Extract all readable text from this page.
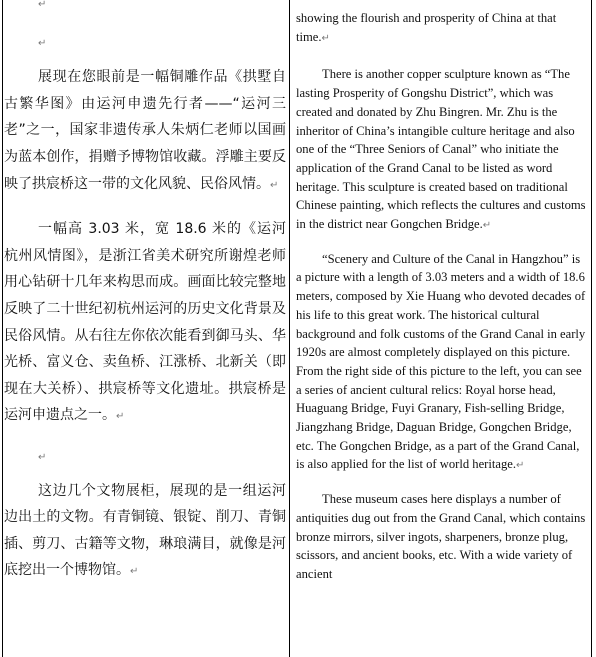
↵

↵

展现在您眼前是一幅铜雕作品《拱墅自古繁华图》由运河申遗先行者——“运河三老”之一，国家非遗传承人朱炳仁老师以国画为蓝本创作，捐赠予博物馆收藏。浮雕主要反映了拱宸桥这一带的文化风貌、民俗风情。↵

一幅高 3.03 米，宽 18.6 米的《运河杭州风情图》，是浙江省美术研究所谢煌老师用心钻研十几年来构思而成。画面比较完整地反映了二十世纪初杭州运河的历史文化背景及民俗风情。从右往左你依次能看到御马头、华光桥、富义仓、卖鱼桥、江涨桥、北新关（即现在大关桥）、拱宸桥等文化遗址。拱宸桥是运河申遗点之一。↵

↵

这边几个文物展柜，展现的是一组运河边出土的文物。有青铜镜、银锭、削刀、青铜插、剪刀、古籍等文物，琳琅满目，就像是河底挖出一个博物馆。↵

showing the flourish and prosperity of China at that time.↵

There is another copper sculpture known as “The lasting Prosperity of Gongshu District”, which was created and donated by Zhu Bingren. Mr. Zhu is the inheritor of China’s intangible culture heritage and also one of the “Three Seniors of Canal” who initiate the application of the Grand Canal to be listed as word heritage. This sculpture is created based on traditional Chinese painting, which reflects the cultures and customs in the district near Gongchen Bridge.↵

“Scenery and Culture of the Canal in Hangzhou” is a picture with a length of 3.03 meters and a width of 18.6 meters, composed by Xie Huang who devoted decades of his life to this great work. The historical cultural background and folk customs of the Grand Canal in early 1920s are almost completely displayed on this picture. From the right side of this picture to the left, you can see a series of ancient cultural relics: Royal horse head, Huaguang Bridge, Fuyi Granary, Fish-selling Bridge, Jiangzhang Bridge, Daguan Bridge, Gongchen Bridge, etc. The Gongchen Bridge, as a part of the Grand Canal, is also applied for the list of world heritage.↵

These museum cases here displays a number of antiquities dug out from the Grand Canal, which contains bronze mirrors, silver ingots, sharpeners, bronze plug, scissors, and ancient books, etc. With a wide variety of ancient
